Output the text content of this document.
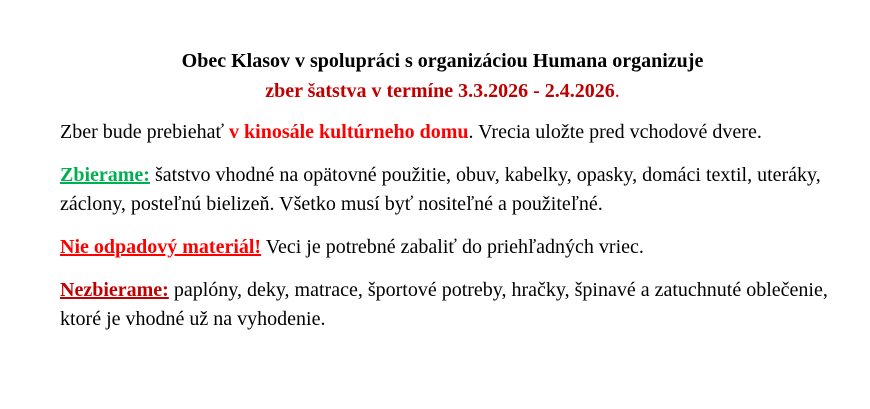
Obec Klasov v spolupráci s organizáciou Humana organizuje
zber šatstva v termíne 3.3.2026 - 2.4.2026.

Zber bude prebiehať v kinosále kultúrneho domu. Vrecia uložte pred vchodové dvere.

Zbierame: šatstvo vhodné na opätovné použitie, obuv, kabelky, opasky, domáci textil, uteráky, záclony, posteľnú bielizeň. Všetko musí byť nositeľné a použiteľné.

Nie odpadový materiál! Veci je potrebné zabaliť do priehľadných vriec.

Nezbierame: paplóny, deky, matrace, športové potreby, hračky, špinavé a zatuchnuté oblečenie, ktoré je vhodné už na vyhodenie.
